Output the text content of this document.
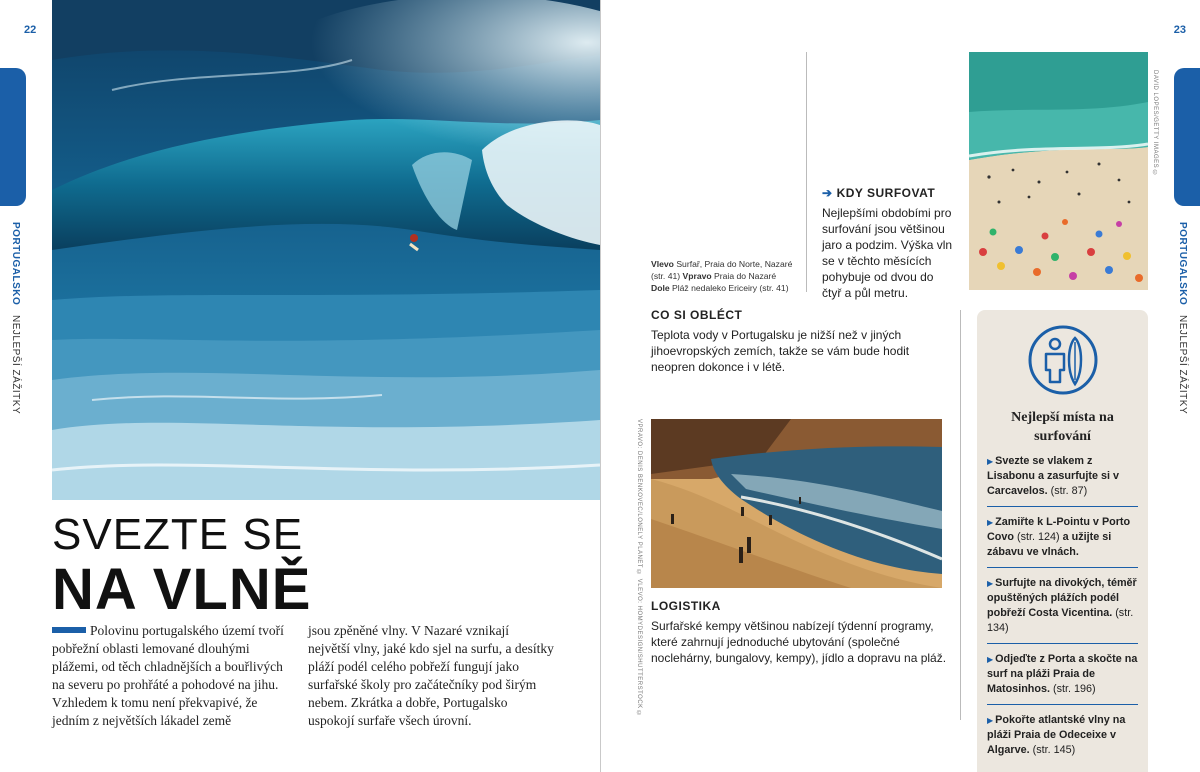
22
PORTUGALSKO NEJLEPŠÍ ZÁŽITKY
SVEZTE SE
NA VLNĚ
Polovinu portugalského území tvoří pobřežní oblasti lemované dlouhými plážemi, od těch chladnějších a bouřlivých na severu po prohřáté a pohodové na jihu. Vzhledem k tomu není překvapivé, že jedním z největších lákadel země
jsou zpěněné vlny. V Nazaré vznikají největší vlny, jaké kdo sjel na surfu, a desítky pláží podél celého pobřeží fungují jako surfařské školy pro začátečníky pod širým nebem. Zkrátka a dobře, Portugalsko uspokojí surfaře všech úrovní.
23
PORTUGALSKO NEJLEPŠÍ ZÁŽITKY
Vlevo Surfař, Praia do Norte, Nazaré (str. 41) Vpravo Praia do Nazaré
Dole Pláž nedaleko Ericeiry (str. 41)
➔ KDY SURFOVAT

Nejlepšími obdobími pro surfování jsou většinou jaro a podzim. Výška vln se v těchto měsících pohybuje od dvou do čtyř a půl metru.

DAVID LOPES/GETTY IMAGES ©
CO SI OBLÉCT

Teplota vody v Portugalsku je nižší než v jiných jihoevropských zemích, takže se vám bude hodit neopren dokonce i v létě.

VPRAVO: DENIS BENKOVEC/LONELY PLANET © VLEVO: HOMYDESIGN/SHUTTERSTOCK © LOGISTIKA

Surfařské kempy většinou nabízejí týdenní programy, které zahrnují jednoduché ubytování (společné noclehárny, bungalovy, kempy), jídlo a dopravu na pláž.

Nejlepší místa na surfování
▶ Svezte se vlakem z Lisabonu a zasurfujte si v Carcavelos. (str. 87)
▶ Zamiřte k L-Pointu v Porto Covo (str. 124) a užijte si zábavu ve vlnách.
▶ Surfujte na divokých, téměř opuštěných plážích podél pobřeží Costa Vicentina. (str. 134)
▶ Odjeďte z Porta a skočte na surf na pláži Praia de Matosinhos. (str. 196)
▶ Pokořte atlantské vlny na pláži Praia de Odeceixe v Algarve. (str. 145)
